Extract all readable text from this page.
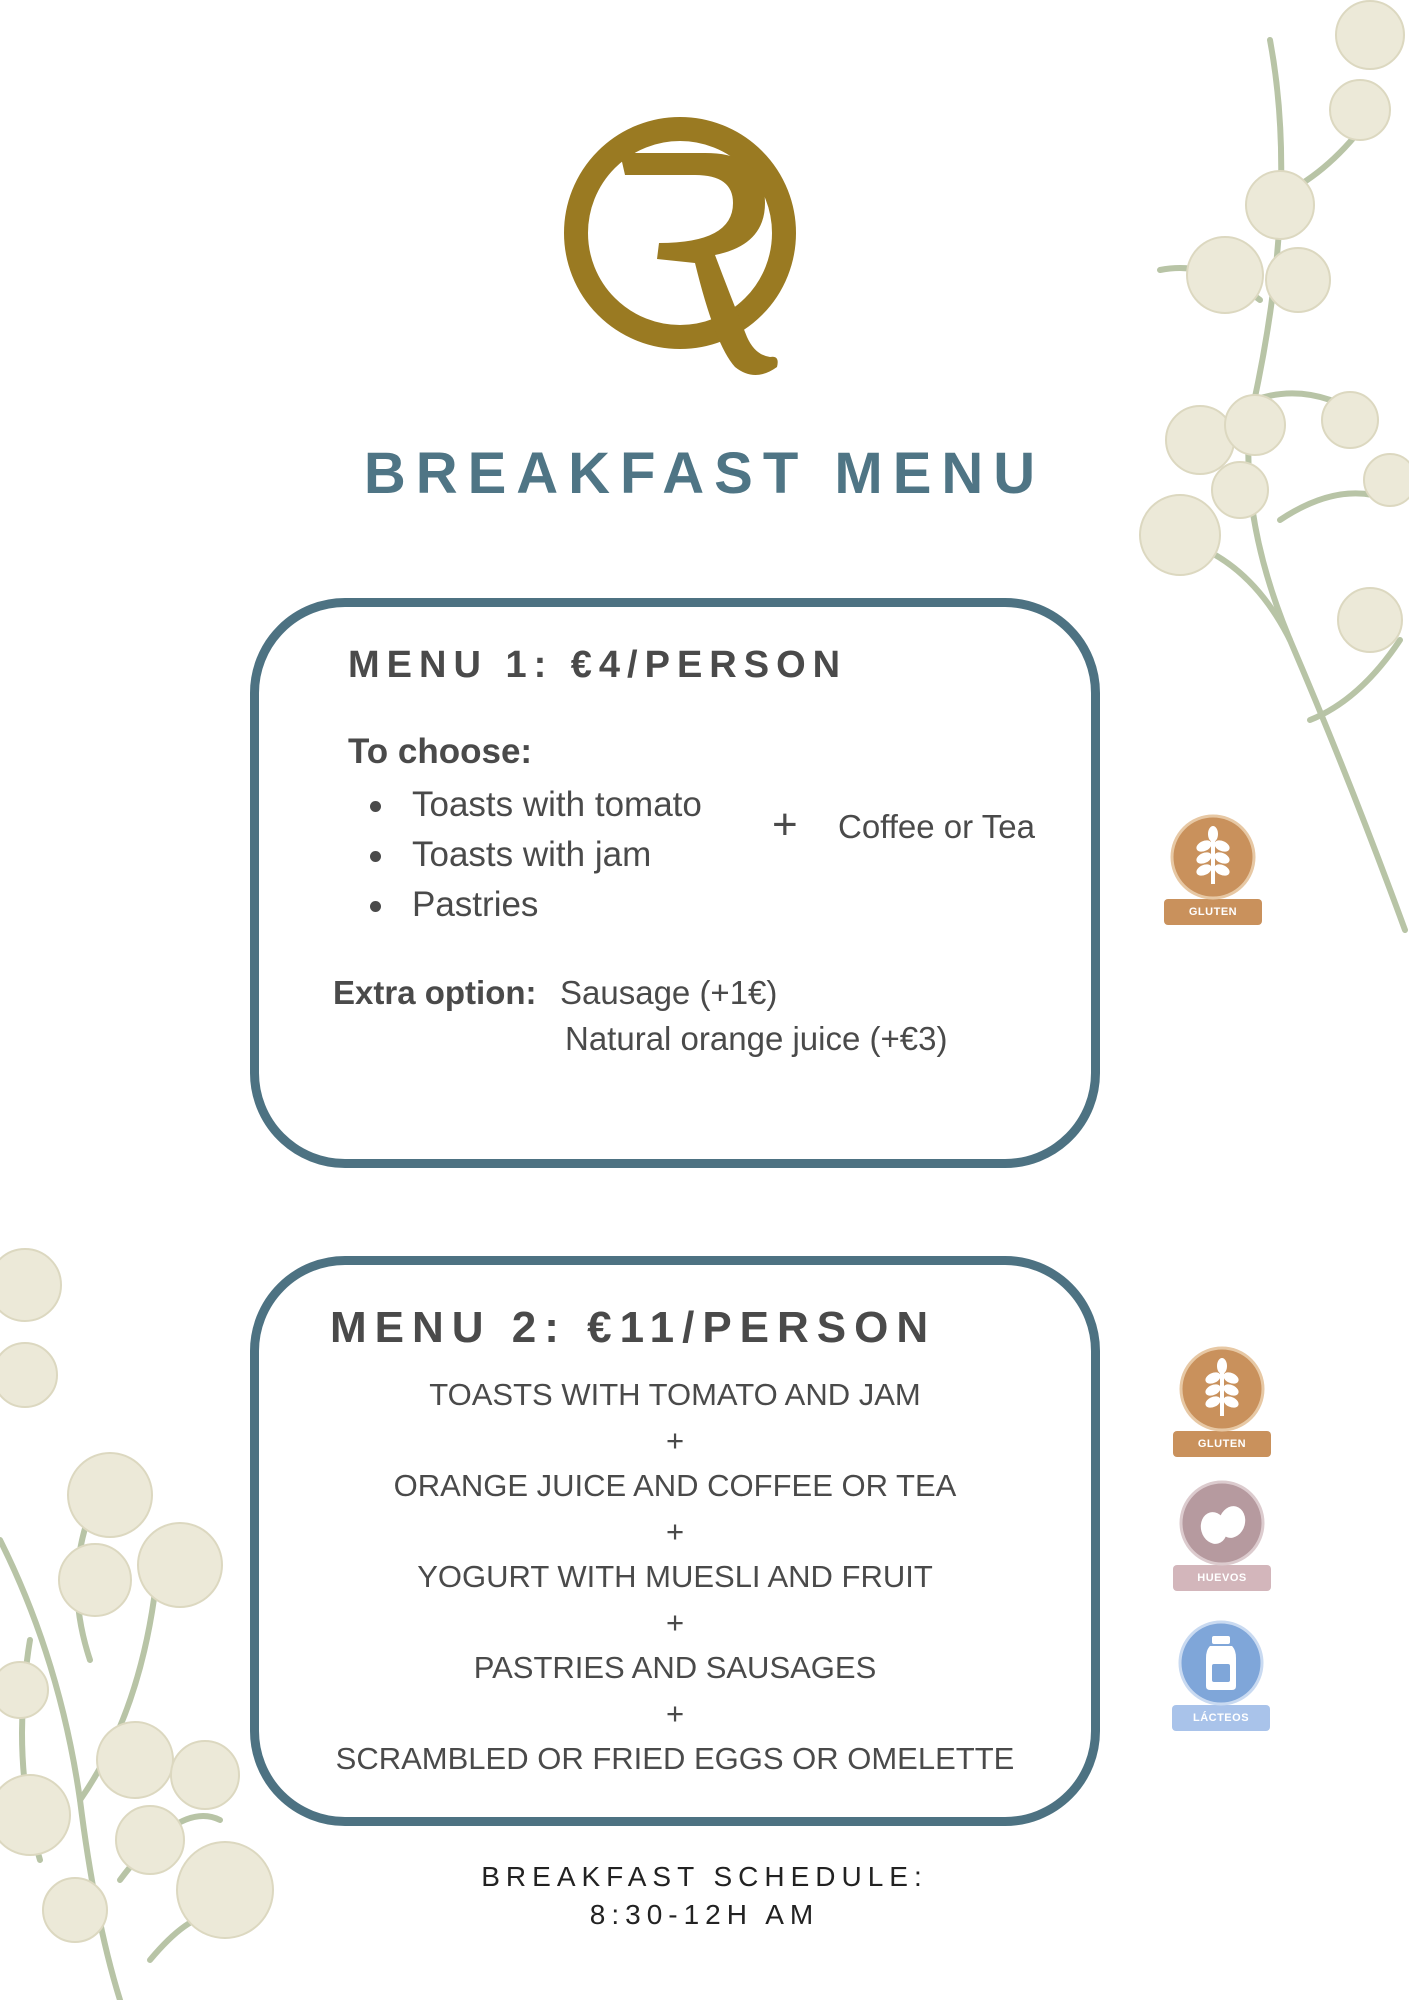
BREAKFAST MENU
MENU 1: €4/PERSON
To choose:
Toasts with tomato
Toasts with jam
Pastries
+ Coffee or Tea
Extra option: Sausage (+1€)
Natural orange juice (+€3)
GLUTEN
MENU 2: €11/PERSON
TOASTS WITH TOMATO AND JAM
+
ORANGE JUICE AND COFFEE OR TEA
+
YOGURT WITH MUESLI AND FRUIT
+
PASTRIES AND SAUSAGES
+
SCRAMBLED OR FRIED EGGS OR OMELETTE
GLUTEN
HUEVOS
LÁCTEOS
BREAKFAST SCHEDULE:
8:30-12H AM
